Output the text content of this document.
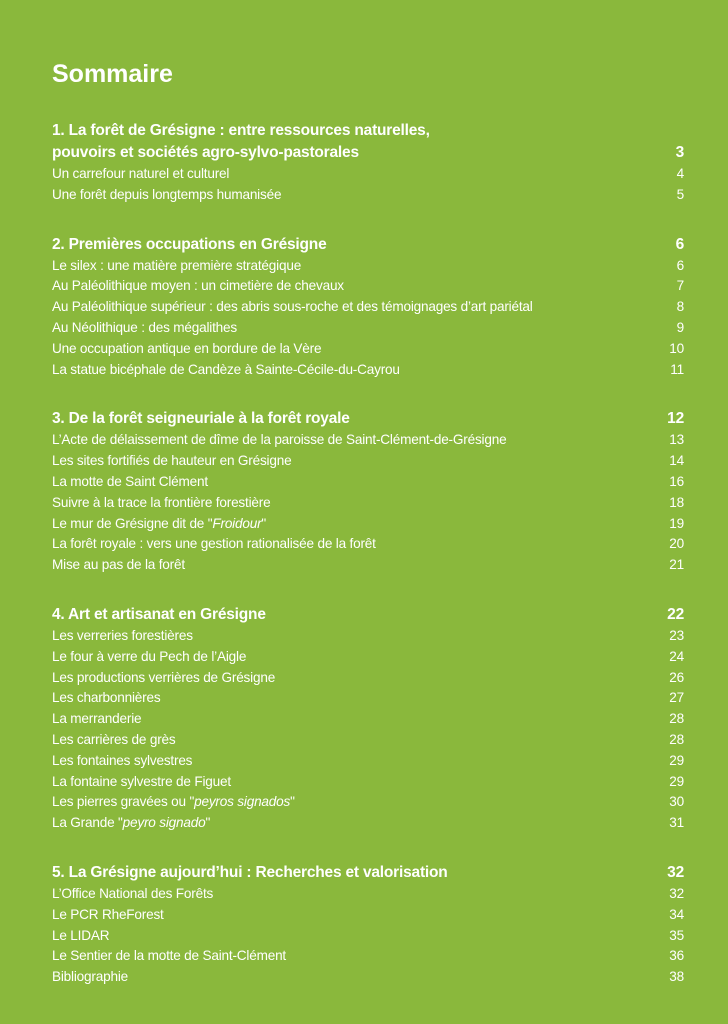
Sommaire
1. La forêt de Grésigne : entre ressources naturelles,
pouvoirs et sociétés agro-sylvo-pastorales	3
Un carrefour naturel et culturel	4
Une forêt depuis longtemps humanisée	5
2. Premières occupations en Grésigne	6
Le silex : une matière première stratégique	6
Au Paléolithique moyen : un cimetière de chevaux	7
Au Paléolithique supérieur : des abris sous-roche et des témoignages d’art pariétal	8
Au Néolithique : des mégalithes	9
Une occupation antique en bordure de la Vère	10
La statue bicéphale de Candèze à Sainte-Cécile-du-Cayrou	11
3. De la forêt seigneuriale à la forêt royale	12
L’Acte de délaissement de dîme de la paroisse de Saint-Clément-de-Grésigne	13
Les sites fortifiés de hauteur en Grésigne	14
La motte de Saint Clément	16
Suivre à la trace la frontière forestière	18
Le mur de Grésigne dit de "Froidour"	19
La forêt royale : vers une gestion rationalisée de la forêt	20
Mise au pas de la forêt	21
4. Art et artisanat en Grésigne	22
Les verreries forestières	23
Le four à verre du Pech de l’Aigle	24
Les productions verrières de Grésigne	26
Les charbonnières	27
La merranderie	28
Les carrières de grès	28
Les fontaines sylvestres	29
La fontaine sylvestre de Figuet	29
Les pierres gravées ou "peyros signados"	30
La Grande "peyro signado"	31
5. La Grésigne aujourd’hui : Recherches et valorisation	32
L’Office National des Forêts	32
Le PCR RheForest	34
Le LIDAR	35
Le Sentier de la motte de Saint-Clément	36
Bibliographie	38
